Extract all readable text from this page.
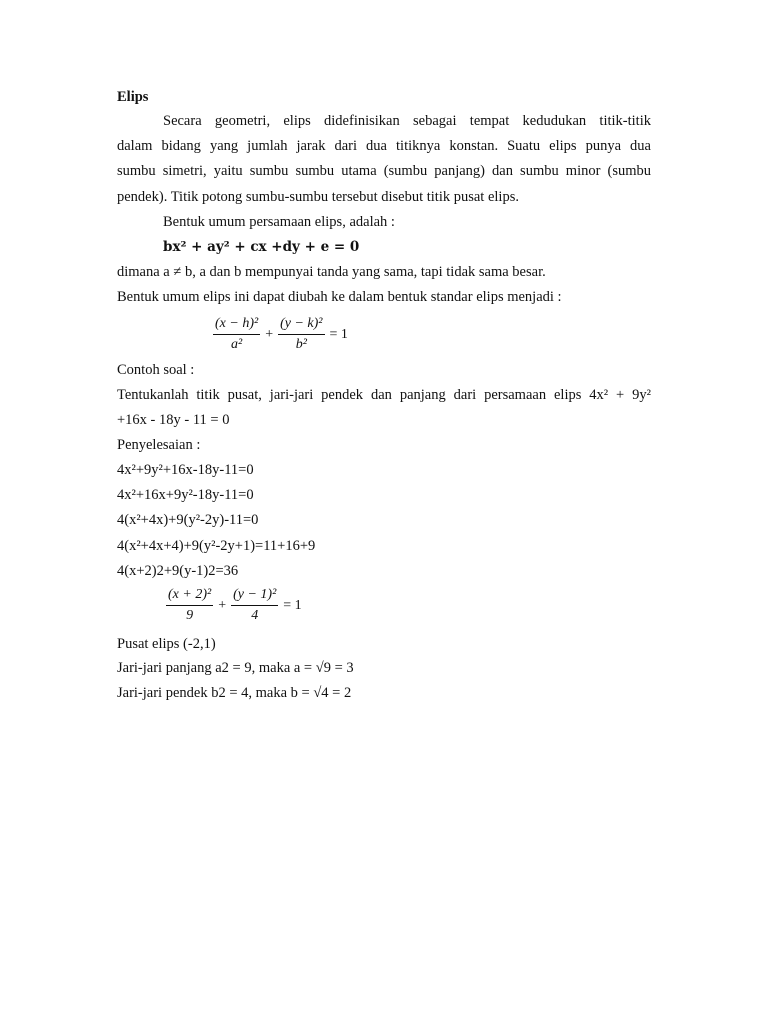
Elips
Secara geometri, elips didefinisikan sebagai tempat kedudukan titik-titik
dalam bidang yang jumlah jarak dari dua titiknya konstan. Suatu elips punya dua
sumbu simetri, yaitu sumbu sumbu utama (sumbu panjang) dan sumbu minor (sumbu
pendek). Titik potong sumbu-sumbu tersebut disebut titik pusat elips.
Bentuk umum persamaan elips, adalah :
bx² + ay² + cx +dy + e = 0
dimana a ≠ b, a dan b mempunyai tanda yang sama, tapi tidak sama besar.
Bentuk umum elips ini dapat diubah ke dalam bentuk standar elips menjadi :
$\frac{\text{(x − h)²}}{\text{a²}} + \frac{\text{(y − k)²}}{\text{b²}} = 1$
Contoh soal :
Tentukanlah titik pusat, jari-jari pendek dan panjang dari persamaan elips 4x² + 9y²
+16x - 18y - 11 = 0
Penyelesaian :
4x²+9y²+16x-18y-11=0
4x²+16x+9y²-18y-11=0
4(x²+4x)+9(y²-2y)-11=0
4(x²+4x+4)+9(y²-2y+1)=11+16+9
4(x+2)2+9(y-1)2=36
$\frac{\text{(x + 2)²}}{9} + \frac{\text{(y − 1)²}}{4} = 1$
Pusat elips (-2,1)
Jari-jari panjang a2 = 9, maka a = √9 = 3
Jari-jari pendek b2 = 4, maka b = √4 = 2
